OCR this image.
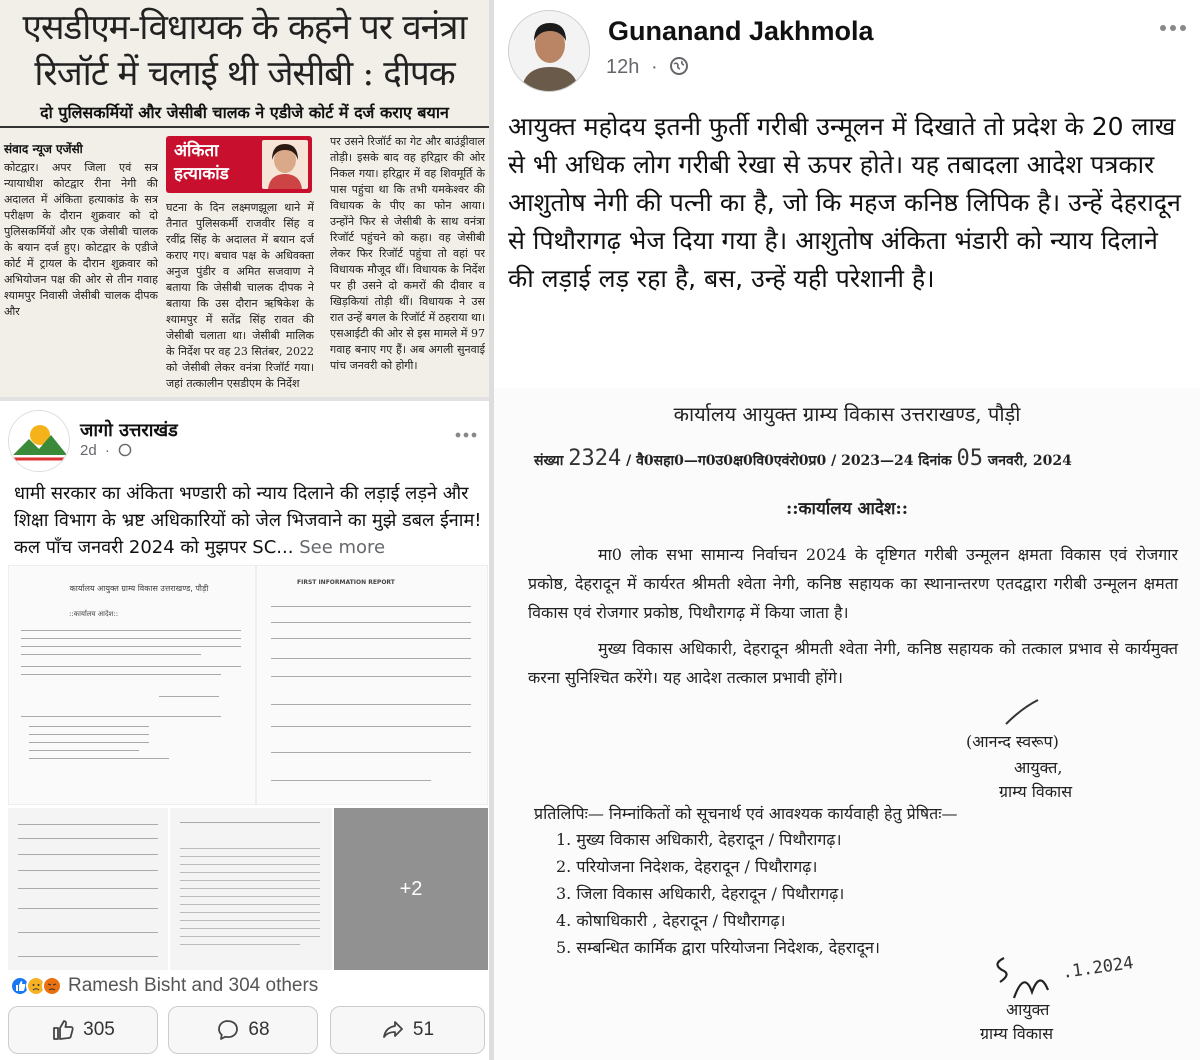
एसडीएम-विधायक के कहने पर वनंत्रा
रिजॉर्ट में चलाई थी जेसीबी : दीपक
दो पुलिसकर्मियों और जेसीबी चालक ने एडीजे कोर्ट में दर्ज कराए बयान
संवाद न्यूज एजेंसी
कोटद्वार। अपर जिला एवं सत्र न्यायाधीश कोटद्वार रीना नेगी की अदालत में अंकिता हत्याकांड के सत्र परीक्षण के दौरान शुक्रवार को दो पुलिसकर्मियों और एक जेसीबी चालक के बयान दर्ज हुए। कोटद्वार के एडीजे कोर्ट में ट्रायल के दौरान शुक्रवार को अभियोजन पक्ष की ओर से तीन गवाह श्यामपुर निवासी जेसीबी चालक दीपक और
अंकिता
हत्याकांड
घटना के दिन लक्ष्मणझूला थाने में तैनात पुलिसकर्मी राजवीर सिंह व रवींद्र सिंह के अदालत में बयान दर्ज कराए गए। बचाव पक्ष के अधिवक्ता अनुज पुंडीर व अमित सजवाण ने बताया कि जेसीबी चालक दीपक ने बताया कि उस दौरान ऋषिकेश के श्यामपुर में सतेंद्र सिंह रावत की जेसीबी चलाता था। जेसीबी मालिक के निर्देश पर वह 23 सितंबर, 2022 को जेसीबी लेकर वनंत्रा रिजॉर्ट गया। जहां तत्कालीन एसडीएम के निर्देश
पर उसने रिजॉर्ट का गेट और बाउंड्रीवाल तोड़ी। इसके बाद वह हरिद्वार की ओर निकल गया। हरिद्वार में वह शिवमूर्ति के पास पहुंचा था कि तभी यमकेश्वर की विधायक के पीए का फोन आया। उन्होंने फिर से जेसीबी के साथ वनंत्रा रिजॉर्ट पहुंचने को कहा। वह जेसीबी लेकर फिर रिजॉर्ट पहुंचा तो वहां पर विधायक मौजूद थीं। विधायक के निर्देश पर ही उसने दो कमरों की दीवार व खिड़कियां तोड़ी थीं। विधायक ने उस रात उन्हें बगल के रिजॉर्ट में ठहराया था। एसआईटी की ओर से इस मामले में 97 गवाह बनाए गए हैं। अब अगली सुनवाई पांच जनवरी को होगी।
Gunanand Jakhmola
12h ·
आयुक्त महोदय इतनी फुर्ती गरीबी उन्मूलन में दिखाते तो प्रदेश के 20 लाख से भी अधिक लोग गरीबी रेखा से ऊपर होते। यह तबादला आदेश पत्रकार आशुतोष नेगी की पत्नी का है, जो कि महज कनिष्ठ लिपिक है। उन्हें देहरादून से पिथौरागढ़ भेज दिया गया है। आशुतोष अंकिता भंडारी को न्याय दिलाने की लड़ाई लड़ रहा है, बस, उन्हें यही परेशानी है।
कार्यालय आयुक्त ग्राम्य विकास उत्तराखण्ड, पौड़ी
संख्या 2324 / वै0सहा0—ग0उ0क्ष0वि0एवंरो0प्र0 / 2023—24 दिनांक 05 जनवरी, 2024
::कार्यालय आदेश::
मा0 लोक सभा सामान्य निर्वाचन 2024 के दृष्टिगत गरीबी उन्मूलन क्षमता विकास एवं रोजगार प्रकोष्ठ, देहरादून में कार्यरत श्रीमती श्वेता नेगी, कनिष्ठ सहायक का स्थानान्तरण एतदद्वारा गरीबी उन्मूलन क्षमता विकास एवं रोजगार प्रकोष्ठ, पिथौरागढ़ में किया जाता है।
मुख्य विकास अधिकारी, देहरादून श्रीमती श्वेता नेगी, कनिष्ठ सहायक को तत्काल प्रभाव से कार्यमुक्त करना सुनिश्चित करेंगे। यह आदेश तत्काल प्रभावी होंगे।
(आनन्द स्वरूप)
आयुक्त,
ग्राम्य विकास
प्रतिलिपिः— निम्नांकितों को सूचनार्थ एवं आवश्यक कार्यवाही हेतु प्रेषितः—
1. मुख्य विकास अधिकारी, देहरादून / पिथौरागढ़।
2. परियोजना निदेशक, देहरादून / पिथौरागढ़।
3. जिला विकास अधिकारी, देहरादून / पिथौरागढ़।
4. कोषाधिकारी , देहरादून / पिथौरागढ़।
5. सम्बन्धित कार्मिक द्वारा परियोजना निदेशक, देहरादून।
.1.2024
आयुक्त
ग्राम्य विकास
जागो उत्तराखंड
2d ·
धामी सरकार का अंकिता भण्डारी को न्याय दिलाने की लड़ाई लड़ने और शिक्षा विभाग के भ्रष्ट अधिकारियों को जेल भिजवाने का मुझे डबल ईनाम!कल पाँच जनवरी 2024 को मुझपर SC... See more
कार्यालय आयुक्त ग्राम्य विकास उत्तराखण्ड, पौड़ी
::कार्यालय आदेश::
FIRST INFORMATION REPORT
+2
Ramesh Bisht and 304 others
305	68	51
